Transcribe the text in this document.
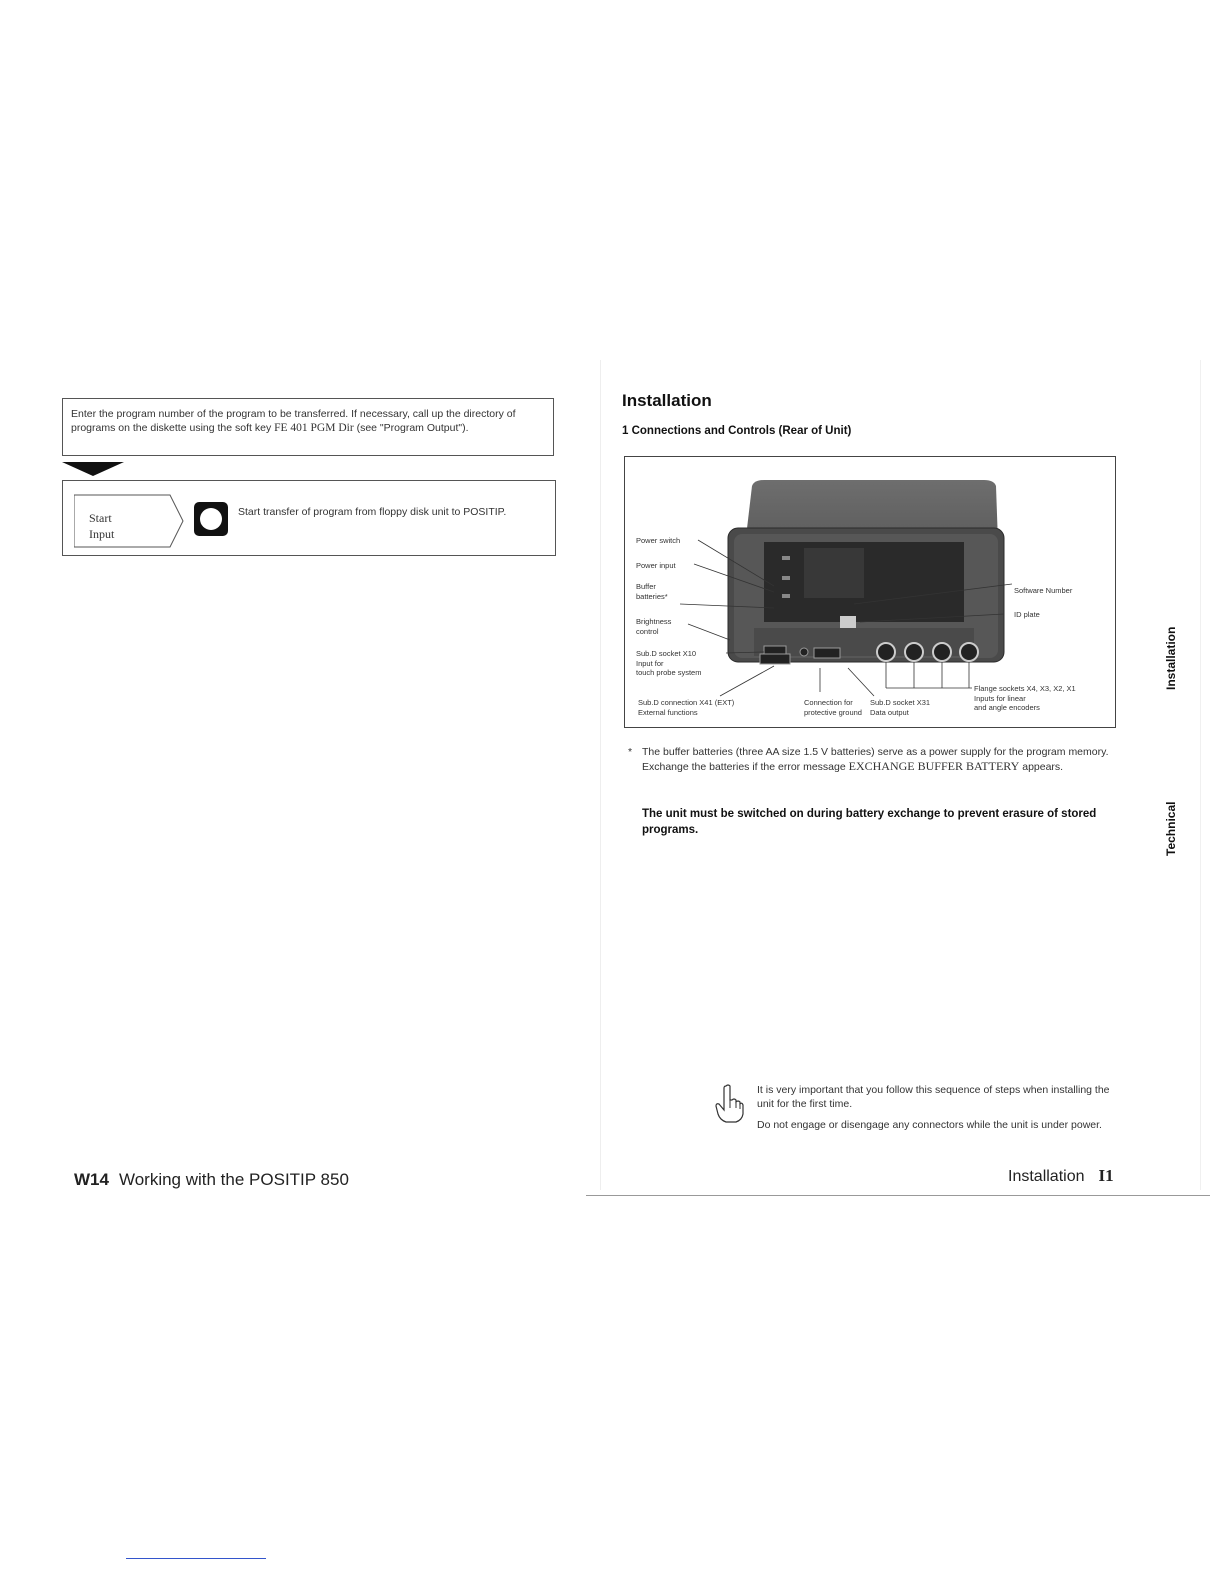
Enter the program number of the program to be transferred. If necessary, call up the directory of programs on the diskette using the soft key FE 401 PGM Dir (see "Program Output").
Start
Input
Start transfer of program from floppy disk unit to POSITIP.
W14 Working with the POSITIP 850
Installation
1 Connections and Controls (Rear of Unit)
Power switch
Power input
Buffer
batteries*
Brightness
control
Sub.D socket X10
Input for
touch probe system
Software Number
ID plate
Flange sockets X4, X3, X2, X1
Inputs for linear
and angle encoders
Sub.D connection X41 (EXT)
External functions
Connection for
protective ground
Sub.D socket X31
Data output
* The buffer batteries (three AA size 1.5 V batteries) serve as a power supply for the program memory. Exchange the batteries if the error message EXCHANGE BUFFER BATTERY appears.
The unit must be switched on during battery exchange to prevent erasure of stored programs.
It is very important that you follow this sequence of steps when installing the unit for the first time.
Do not engage or disengage any connectors while the unit is under power.
Installation I1
Installation
Technical
